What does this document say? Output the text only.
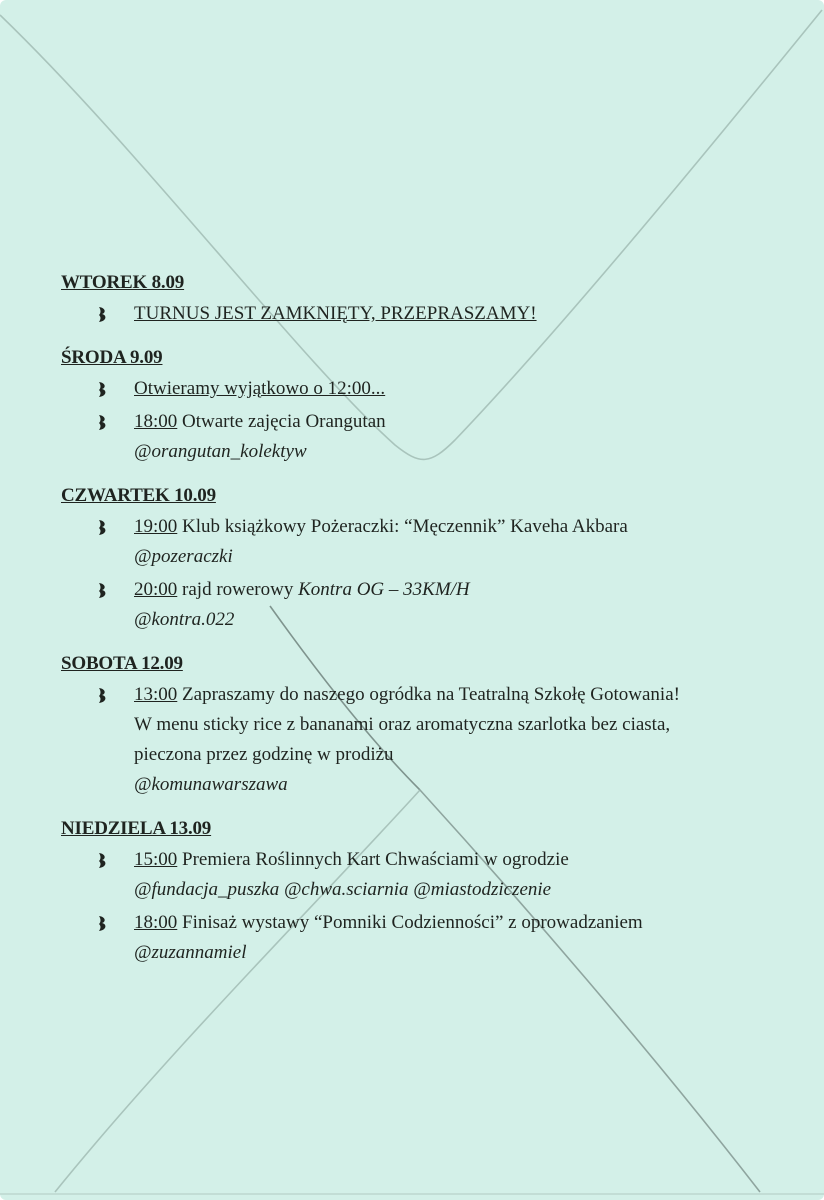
WTOREK 8.09
TURNUS JEST ZAMKNIĘTY, PRZEPRASZAMY!
ŚRODA 9.09
Otwieramy wyjątkowo o 12:00...
18:00 Otwarte zajęcia Orangutan
@orangutan_kolektyw
CZWARTEK 10.09
19:00 Klub książkowy Pożeraczki: “Męczennik” Kaveha Akbara
@pozeraczki
20:00 rajd rowerowy Kontra OG – 33KM/H
@kontra.022
SOBOTA 12.09
13:00 Zapraszamy do naszego ogródka na Teatralną Szkołę Gotowania!
W menu sticky rice z bananami oraz aromatyczna szarlotka bez ciasta,
pieczona przez godzinę w prodiżu
@komunawarszawa
NIEDZIELA 13.09
15:00 Premiera Roślinnych Kart Chwaściami w ogrodzie
@fundacja_puszka @chwa.sciarnia @miastodzicz​enie
18:00 Finisaż wystawy “Pomniki Codzienności” z oprowadzaniem
@zuzannamiel
